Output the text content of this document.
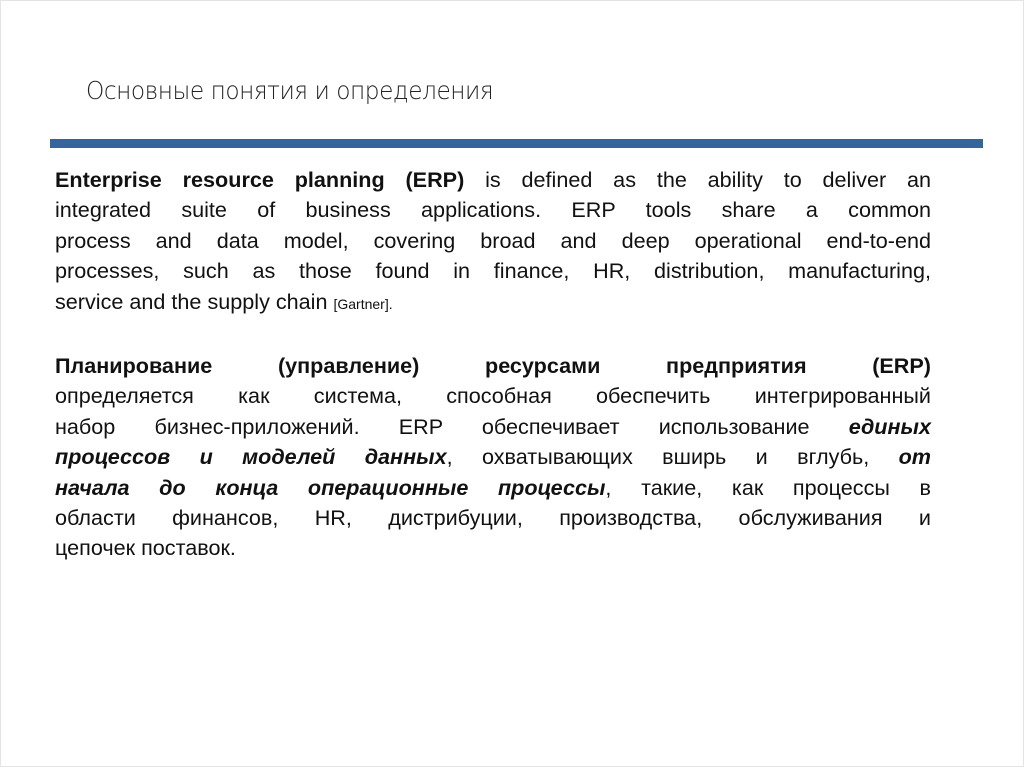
Основные понятия и определения
Enterprise resource planning (ERP) is defined as the ability to deliver an
integrated suite of business applications. ERP tools share a common
process and data model, covering broad and deep operational end-to-end
processes, such as those found in finance, HR, distribution, manufacturing,
service and the supply chain [Gartner].
Планирование (управление) ресурсами предприятия (ERP)
определяется как система, способная обеспечить интегрированный
набор бизнес-приложений. ERP обеспечивает использование единых
процессов и моделей данных, охватывающих вширь и вглубь, от
начала до конца операционные процессы, такие, как процессы в
области финансов, HR, дистрибуции, производства, обслуживания и
цепочек поставок.
